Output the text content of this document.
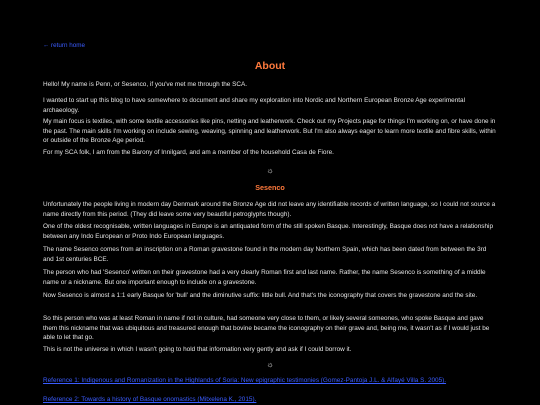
← return home
About

Hello! My name is Penn, or Sesenco, if you've met me through the SCA.

I wanted to start up this blog to have somewhere to document and share my exploration into Nordic and Northern European Bronze Age experimental archaeology.

My main focus is textiles, with some textile accessories like pins, netting and leatherwork. Check out my Projects page for things I'm working on, or have done in the past. The main skills I'm working on include sewing, weaving, spinning and leatherwork. But I'm also always eager to learn more textile and fibre skills, within or outside of the Bronze Age period.

For my SCA folk, I am from the Barony of Innilgard, and am a member of the household Casa de Fiore.

☼
Sesenco

Unfortunately the people living in modern day Denmark around the Bronze Age did not leave any identifiable records of written language, so I could not source a name directly from this period. (They did leave some very beautiful petroglyphs though).

One of the oldest recognisable, written languages in Europe is an antiquated form of the still spoken Basque. Interestingly, Basque does not have a relationship between any Indo European or Proto Indo European languages.

The name Sesenco comes from an inscription on a Roman gravestone found in the modern day Northern Spain, which has been dated from between the 3rd and 1st centuries BCE.

The person who had 'Sesenco' written on their gravestone had a very clearly Roman first and last name. Rather, the name Sesenco is something of a middle name or a nickname. But one important enough to include on a gravestone.

Now Sesenco is almost a 1:1 early Basque for 'bull' and the diminutive suffix: little bull. And that's the iconography that covers the gravestone and the site.

So this person who was at least Roman in name if not in culture, had someone very close to them, or likely several someones, who spoke Basque and gave them this nickname that was ubiquitous and treasured enough that bovine became the iconography on their grave and, being me, it wasn't as if I would just be able to let that go.

This is not the universe in which I wasn't going to hold that information very gently and ask if I could borrow it.

☼
Reference 1: Indigenous and Romanization in the Highlands of Soria: New epigraphic testimonies (Gomez-Pantoja J.L. & Alfayé Villa S. 2005).
Reference 2: Towards a history of Basque onomastics (Mitxelena K., 2015).
